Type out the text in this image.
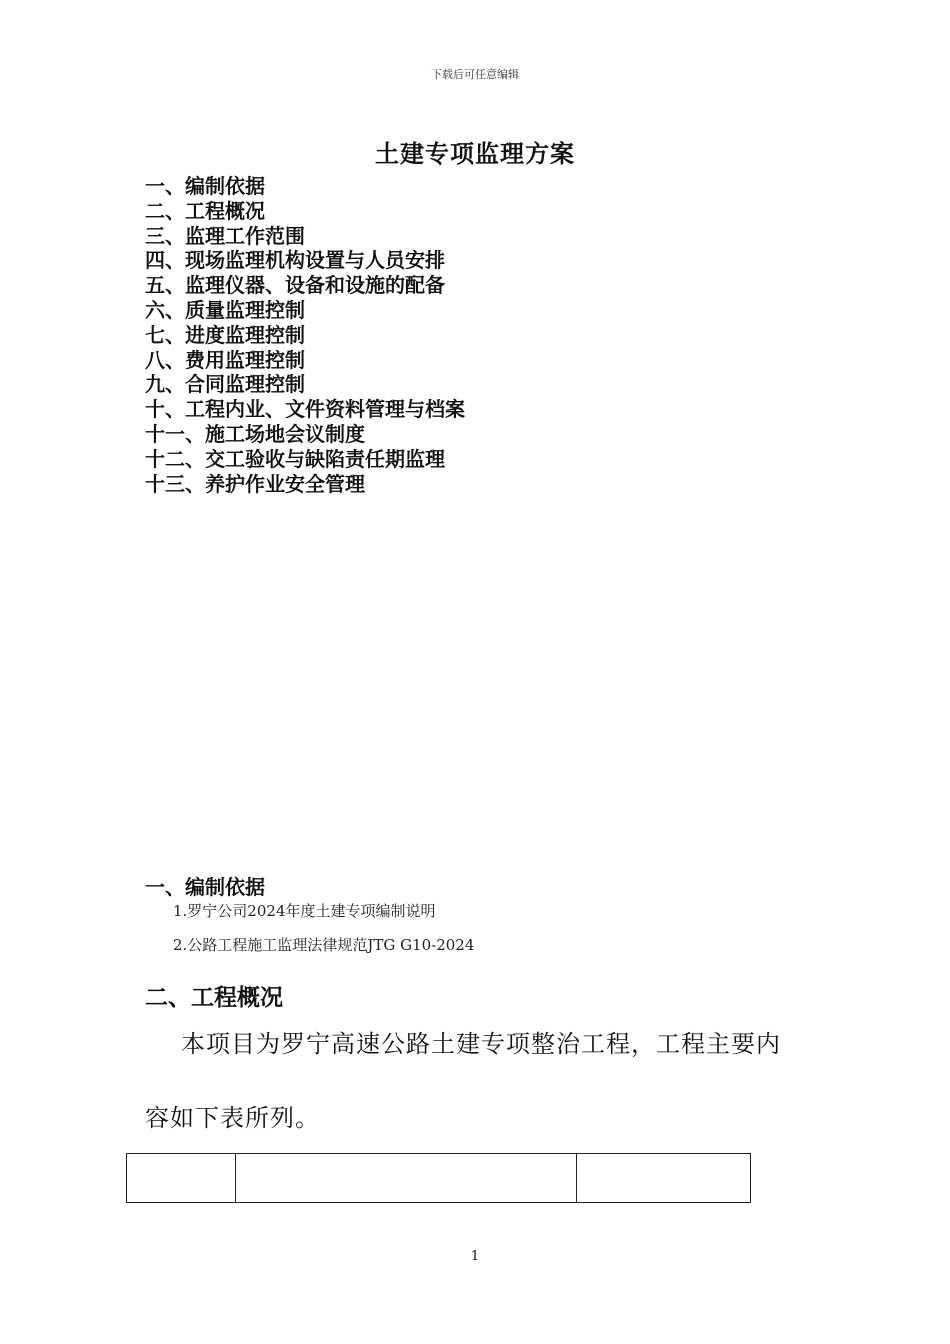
下载后可任意编辑
土建专项监理方案
一、编制依据
二、工程概况
三、监理工作范围
四、现场监理机构设置与人员安排
五、监理仪器、设备和设施的配备
六、质量监理控制
七、进度监理控制
八、费用监理控制
九、合同监理控制
十、工程内业、文件资料管理与档案
十一、施工场地会议制度
十二、交工验收与缺陷责任期监理
十三、养护作业安全管理
一、编制依据
1.罗宁公司2024年度土建专项编制说明
2.公路工程施工监理法律规范JTG G10-2024
二、工程概况
本项目为罗宁高速公路土建专项整治工程，工程主要内
容如下表所列。

1
